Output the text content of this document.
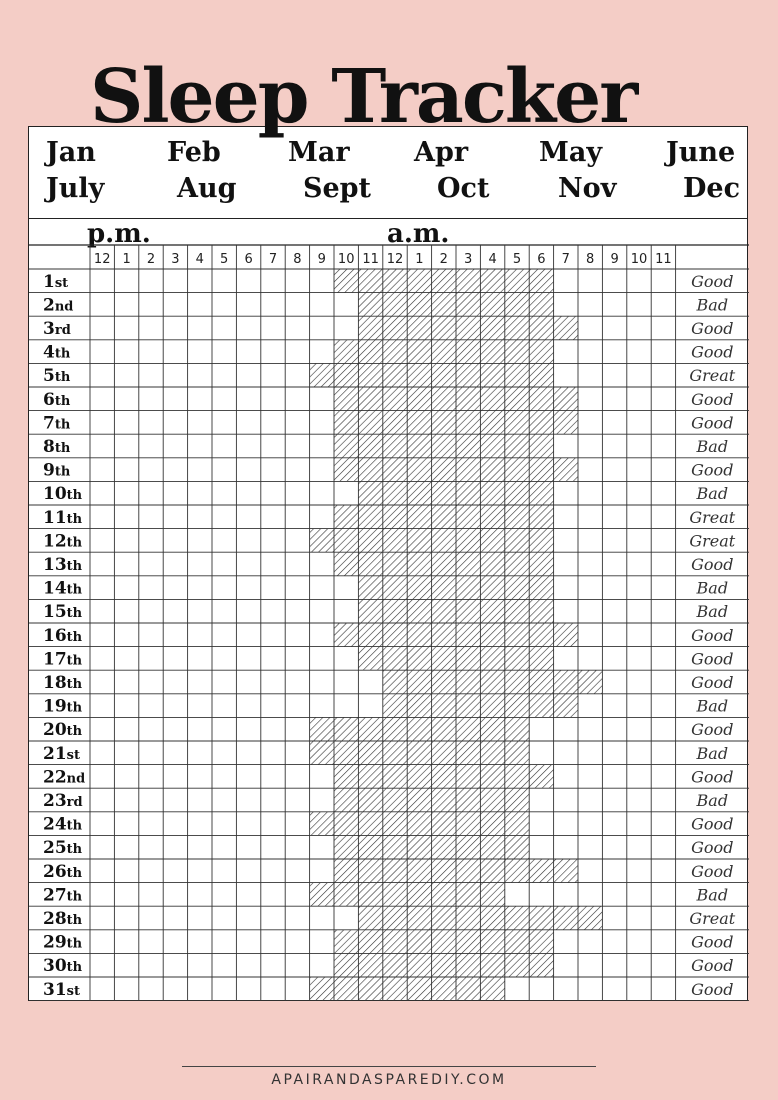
Sleep Tracker
Jan	Feb Mar Apr	May June
July	Aug Sept Oct	Nov Dec
p.m.	a.m.
12 1 2 3 4 5 6 7 8 9 10 11 12 1 2 3 4 5 6 7 8 9 10 11
1st	Good
2nd	Bad
3rd	Good
4th	Good
5th	Great
6th	Good
7th	Good
8th	Bad
9th	Good
10th	Bad
11th	Great
12th	Great
13th	Good
14th	Bad
15th	Bad
16th	Good
17th	Good
18th	Good
19th	Bad
20th	Good
21st	Bad
22nd	Good
23rd	Bad
24th	Good
25th	Good
26th	Good
27th	Bad
28th	Great
29th	Good
30th	Good
31st	Good
APAIRANDASPAREDIY.COM
